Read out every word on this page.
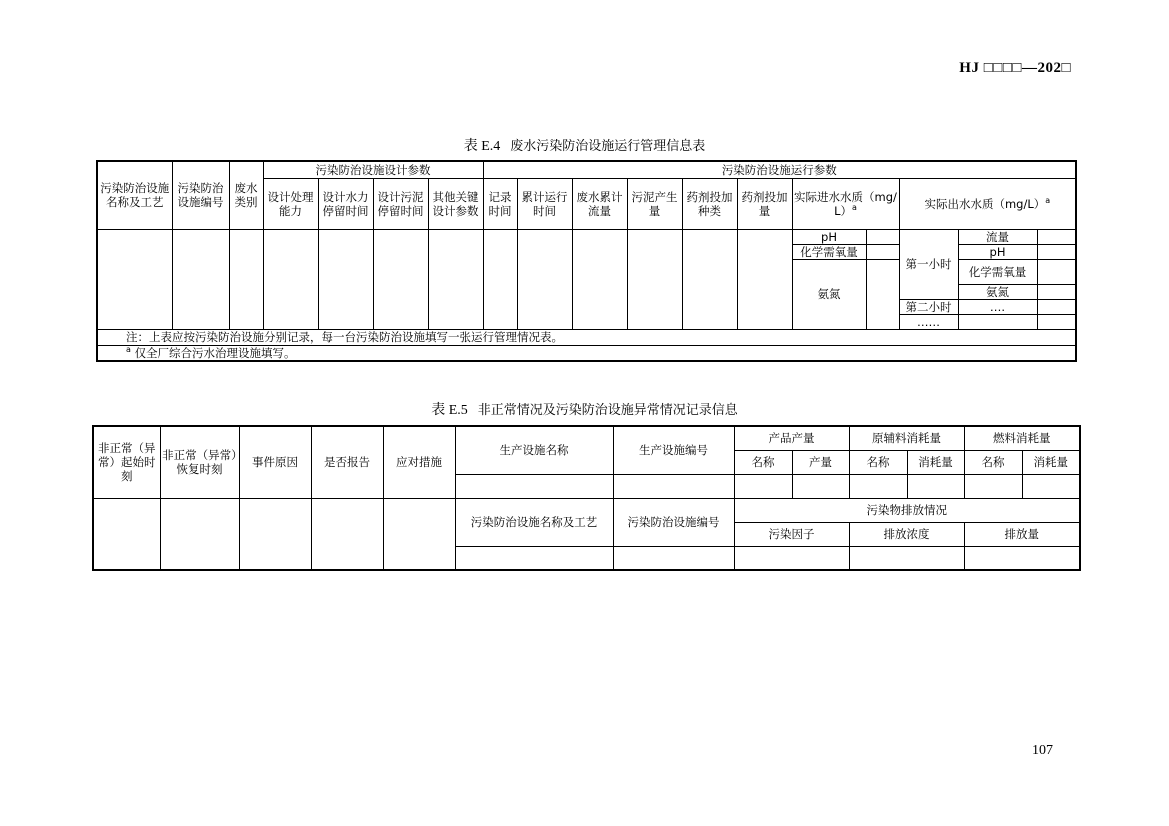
HJ □□□□—202□
表 E.4 废水污染防治设施运行管理信息表
污染防治设施名称及工艺	污染防治设施编号	废水类别	污染防治设施设计参数				污染防治设施运行参数										
			设计处理能力	设计水力停留时间	设计污泥停留时间	其他关键设计参数	记录时间	累计运行时间	废水累计流量	污泥产生量	药剂投加种类	药剂投加量	实际进水水质$(mg/L)^a$		实际出水水质$(mg/L)^a$
													pH		第一小时	流量	
													化学需氧量			pH	
													氨氮			化学需氧量	
																氨氮	
															第二小时	….	
															……		

注：上表应按污染防治设施分别记录，每一台污染防治设施填写一张运行管理情况表。																	
$^a$ 仅全厂综合污水治理设施填写。																	
表 E.5 非正常情况及污染防治设施异常情况记录信息
非正常（异常）起始时刻	非正常（异常）恢复时刻	事件原因	是否报告	应对措施	生产设施名称	生产设施编号	产品产量		原辅料消耗量		燃料消耗量	
							名称	产量	名称	消耗量	名称	消耗量

					污染防治设施名称及工艺	污染防治设施编号	污染物排放情况					
							污染因子		排放浓度		排放量	

107
